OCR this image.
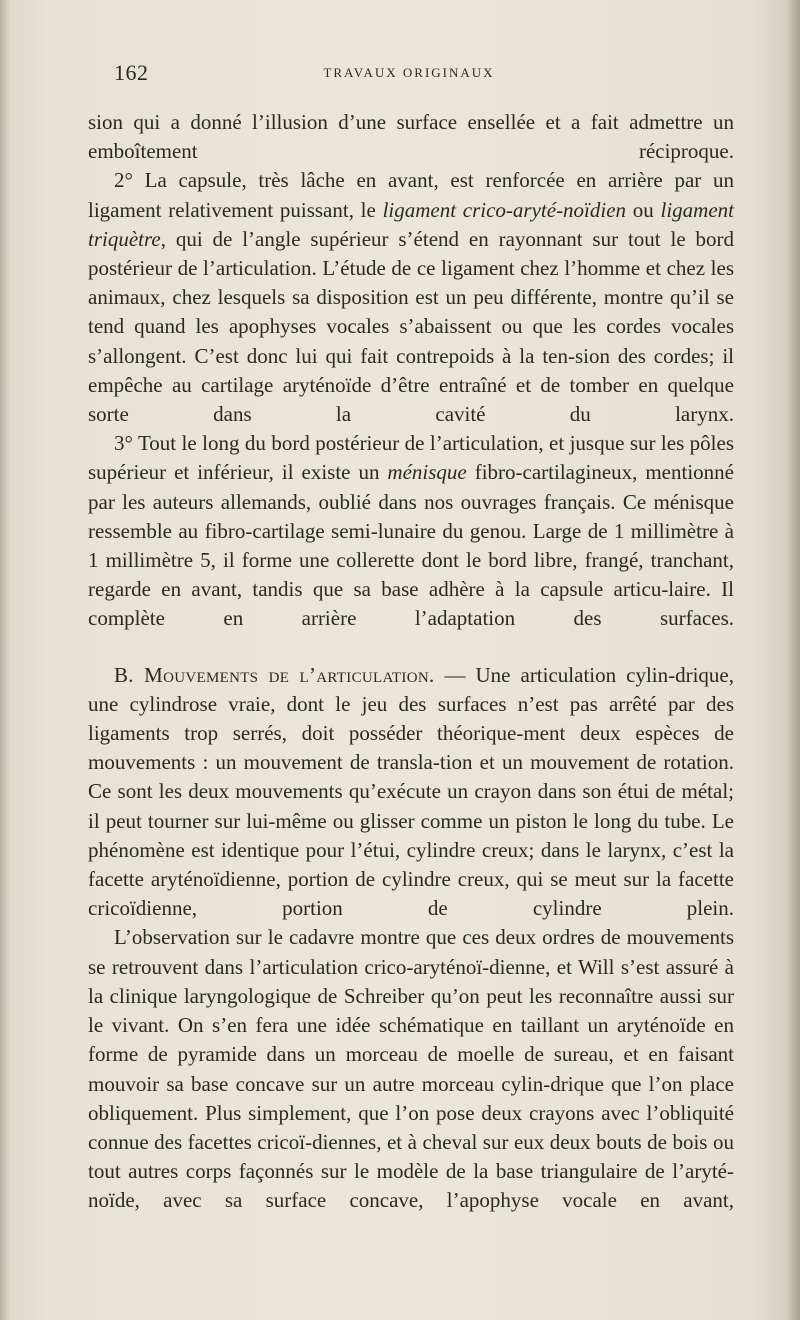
162	TRAVAUX ORIGINAUX

sion qui a donné l’illusion d’une surface ensellée et a fait admettre un emboîtement réciproque.

2° La capsule, très lâche en avant, est renforcée en arrière par un ligament relativement puissant, le ligament crico-aryté-noïdien ou ligament triquètre, qui de l’angle supérieur s’étend en rayonnant sur tout le bord postérieur de l’articulation. L’étude de ce ligament chez l’homme et chez les animaux, chez lesquels sa disposition est un peu différente, montre qu’il se tend quand les apophyses vocales s’abaissent ou que les cordes vocales s’allongent. C’est donc lui qui fait contrepoids à la ten-sion des cordes; il empêche au cartilage aryténoïde d’être entraîné et de tomber en quelque sorte dans la cavité du larynx.

3° Tout le long du bord postérieur de l’articulation, et jusque sur les pôles supérieur et inférieur, il existe un ménisque fibro-cartilagineux, mentionné par les auteurs allemands, oublié dans nos ouvrages français. Ce ménisque ressemble au fibro-cartilage semi-lunaire du genou. Large de 1 millimètre à 1 millimètre 5, il forme une collerette dont le bord libre, frangé, tranchant, regarde en avant, tandis que sa base adhère à la capsule articu-laire. Il complète en arrière l’adaptation des surfaces.

B. Mouvements de l’articulation. — Une articulation cylin-drique, une cylindrose vraie, dont le jeu des surfaces n’est pas arrêté par des ligaments trop serrés, doit posséder théorique-ment deux espèces de mouvements : un mouvement de transla-tion et un mouvement de rotation. Ce sont les deux mouvements qu’exécute un crayon dans son étui de métal; il peut tourner sur lui-même ou glisser comme un piston le long du tube. Le phénomène est identique pour l’étui, cylindre creux; dans le larynx, c’est la facette aryténoïdienne, portion de cylindre creux, qui se meut sur la facette cricoïdienne, portion de cylindre plein.

L’observation sur le cadavre montre que ces deux ordres de mouvements se retrouvent dans l’articulation crico-aryténoï-dienne, et Will s’est assuré à la clinique laryngologique de Schreiber qu’on peut les reconnaître aussi sur le vivant. On s’en fera une idée schématique en taillant un aryténoïde en forme de pyramide dans un morceau de moelle de sureau, et en faisant mouvoir sa base concave sur un autre morceau cylin-drique que l’on place obliquement. Plus simplement, que l’on pose deux crayons avec l’obliquité connue des facettes cricoï-diennes, et à cheval sur eux deux bouts de bois ou tout autres corps façonnés sur le modèle de la base triangulaire de l’aryté-noïde, avec sa surface concave, l’apophyse vocale en avant,
